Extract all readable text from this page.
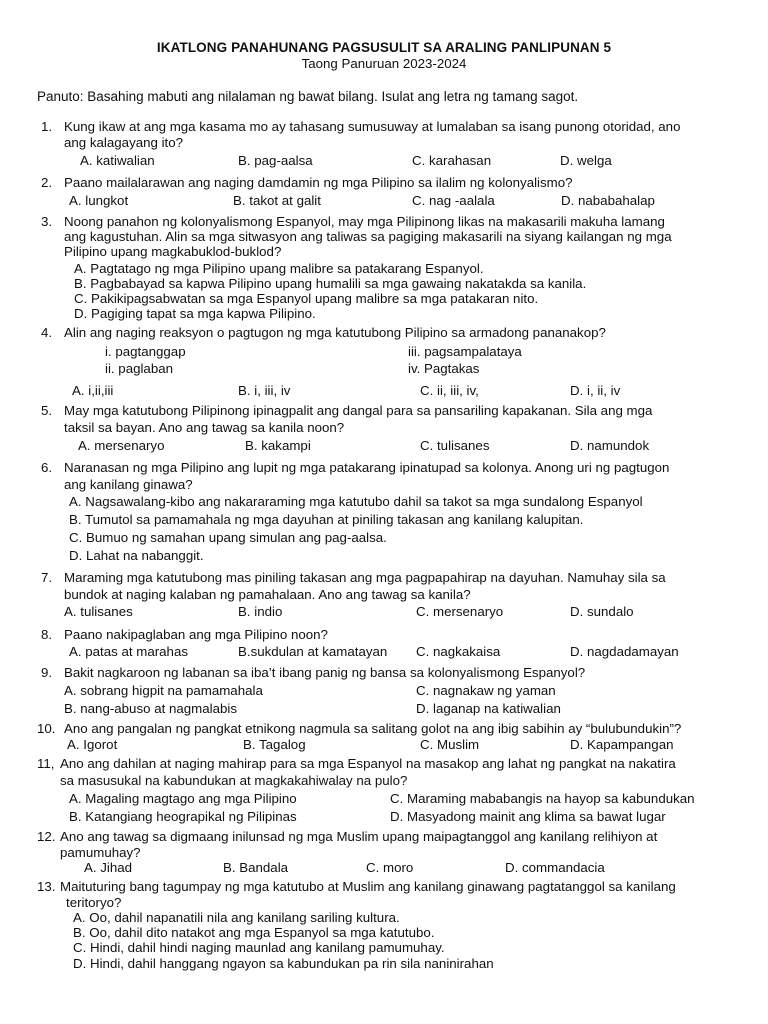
IKATLONG PANAHUNANG PAGSUSULIT SA ARALING PANLIPUNAN 5
Taong Panuruan 2023-2024
Panuto: Basahing mabuti ang nilalaman ng bawat bilang. Isulat ang letra ng tamang sagot.
1. Kung ikaw at ang mga kasama mo ay tahasang sumusuway at lumalaban sa isang punong otoridad, ano
ang kalagayang ito?
A. katiwalian	B. pag-aalsa	C. karahasan	D. welga
2. Paano mailalarawan ang naging damdamin ng mga Pilipino sa ilalim ng kolonyalismo?
A. lungkot	B. takot at galit	C. nag -aalala	D. nababahalap
3. Noong panahon ng kolonyalismong Espanyol, may mga Pilipinong likas na makasarili makuha lamang
ang kagustuhan. Alin sa mga sitwasyon ang taliwas sa pagiging makasarili na siyang kailangan ng mga
Pilipino upang magkabuklod-buklod?
A. Pagtatago ng mga Pilipino upang malibre sa patakarang Espanyol.
B. Pagbabayad sa kapwa Pilipino upang humalili sa mga gawaing nakatakda sa kanila.
C. Pakikipagsabwatan sa mga Espanyol upang malibre sa mga patakaran nito.
D. Pagiging tapat sa mga kapwa Pilipino.
4. Alin ang naging reaksyon o pagtugon ng mga katutubong Pilipino sa armadong pananakop?
i. pagtanggap	iii. pagsampalataya
ii. paglaban	iv. Pagtakas
A. i,ii,iii	B. i, iii, iv	C. ii, iii, iv,	D. i, ii, iv
5. May mga katutubong Pilipinong ipinagpalit ang dangal para sa pansariling kapakanan. Sila ang mga
taksil sa bayan. Ano ang tawag sa kanila noon?
A. mersenaryo	B. kakampi	C. tulisanes	D. namundok
6. Naranasan ng mga Pilipino ang lupit ng mga patakarang ipinatupad sa kolonya. Anong uri ng pagtugon
ang kanilang ginawa?
A. Nagsawalang-kibo ang nakararaming mga katutubo dahil sa takot sa mga sundalong Espanyol
B. Tumutol sa pamamahala ng mga dayuhan at piniling takasan ang kanilang kalupitan.
C. Bumuo ng samahan upang simulan ang pag-aalsa.
D. Lahat na nabanggit.
7. Maraming mga katutubong mas piniling takasan ang mga pagpapahirap na dayuhan. Namuhay sila sa
bundok at naging kalaban ng pamahalaan. Ano ang tawag sa kanila?
A. tulisanes	B. indio	C. mersenaryo	D. sundalo
8. Paano nakipaglaban ang mga Pilipino noon?
A. patas at marahas	B.sukdulan at kamatayan C. nagkakaisa	D. nagdadamayan
9. Bakit nagkaroon ng labanan sa iba’t ibang panig ng bansa sa kolonyalismong Espanyol?
A. sobrang higpit na pamamahala	C. nagnakaw ng yaman
B. nang-abuso at nagmalabis	D. laganap na katiwalian
10. Ano ang pangalan ng pangkat etnikong nagmula sa salitang golot na ang ibig sabihin ay “bulubundukin”?
A. Igorot	B. Tagalog	C. Muslim	D. Kapampangan
11, Ano ang dahilan at naging mahirap para sa mga Espanyol na masakop ang lahat ng pangkat na nakatira
sa masusukal na kabundukan at magkakahiwalay na pulo?
A. Magaling magtago ang mga Pilipino	C. Maraming mababangis na hayop sa kabundukan
B. Katangiang heograpikal ng Pilipinas	D. Masyadong mainit ang klima sa bawat lugar
12. Ano ang tawag sa digmaang inilunsad ng mga Muslim upang maipagtanggol ang kanilang relihiyon at
pamumuhay?
A. Jihad	B. Bandala	C. moro	D. commandacia
13. Maituturing bang tagumpay ng mga katutubo at Muslim ang kanilang ginawang pagtatanggol sa kanilang
teritoryo?
A. Oo, dahil napanatili nila ang kanilang sariling kultura.
B. Oo, dahil dito natakot ang mga Espanyol sa mga katutubo.
C. Hindi, dahil hindi naging maunlad ang kanilang pamumuhay.
D. Hindi, dahil hanggang ngayon sa kabundukan pa rin sila naninirahan
